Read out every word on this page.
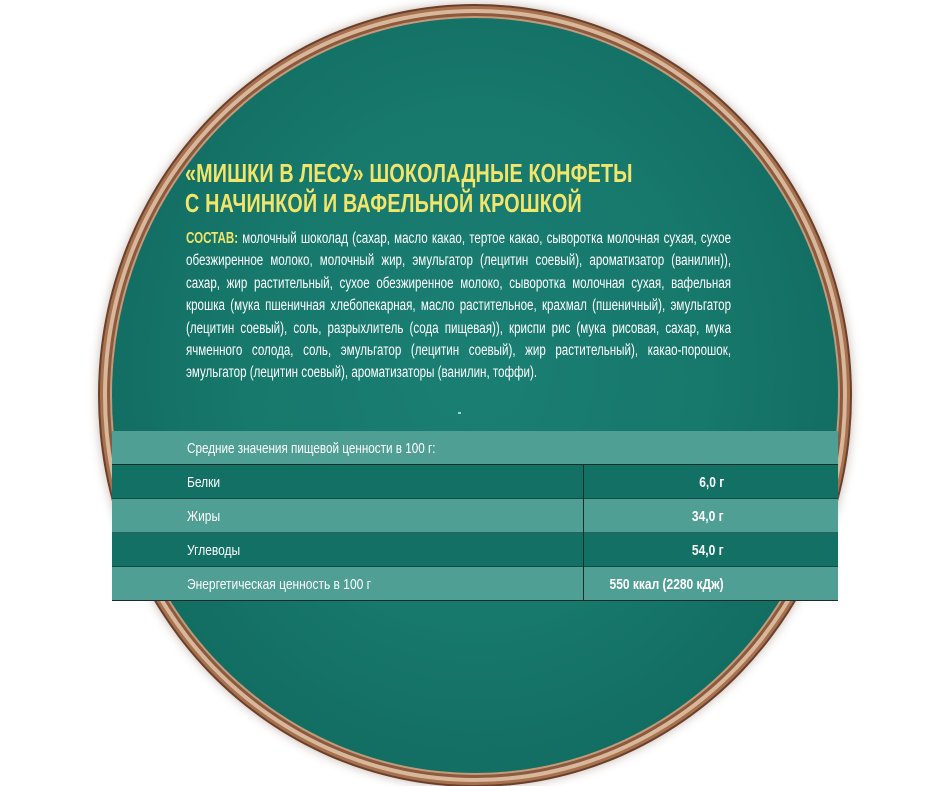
«МИШКИ В ЛЕСУ» ШОКОЛАДНЫЕ КОНФЕТЫ
С НАЧИНКОЙ И ВАФЕЛЬНОЙ КРОШКОЙ

СОСТАВ: молочный шоколад (сахар, масло какао, тертое какао, сыворотка молочная сухая, сухое обезжиренное молоко, молочный жир, эмульгатор (лецитин соевый), ароматизатор (ванилин)), сахар, жир растительный, сухое обезжиренное молоко, сыворотка молочная сухая, вафельная крошка (мука пшеничная хлебопекарная, масло растительное, крахмал (пшеничный), эмульгатор (лецитин соевый), соль, разрыхлитель (сода пищевая)), криспи рис (мука рисовая, сахар, мука ячменного солода, соль, эмульгатор (лецитин соевый), жир растительный), какао-порошок, эмульгатор (лецитин соевый), ароматизаторы (ванилин, тоффи).

Средние значения пищевой ценности в 100 г:

Белки	6,0 г
Жиры	34,0 г
Углеводы	54,0 г
Энергетическая ценность в 100 г	550 ккал (2280 кДж)
